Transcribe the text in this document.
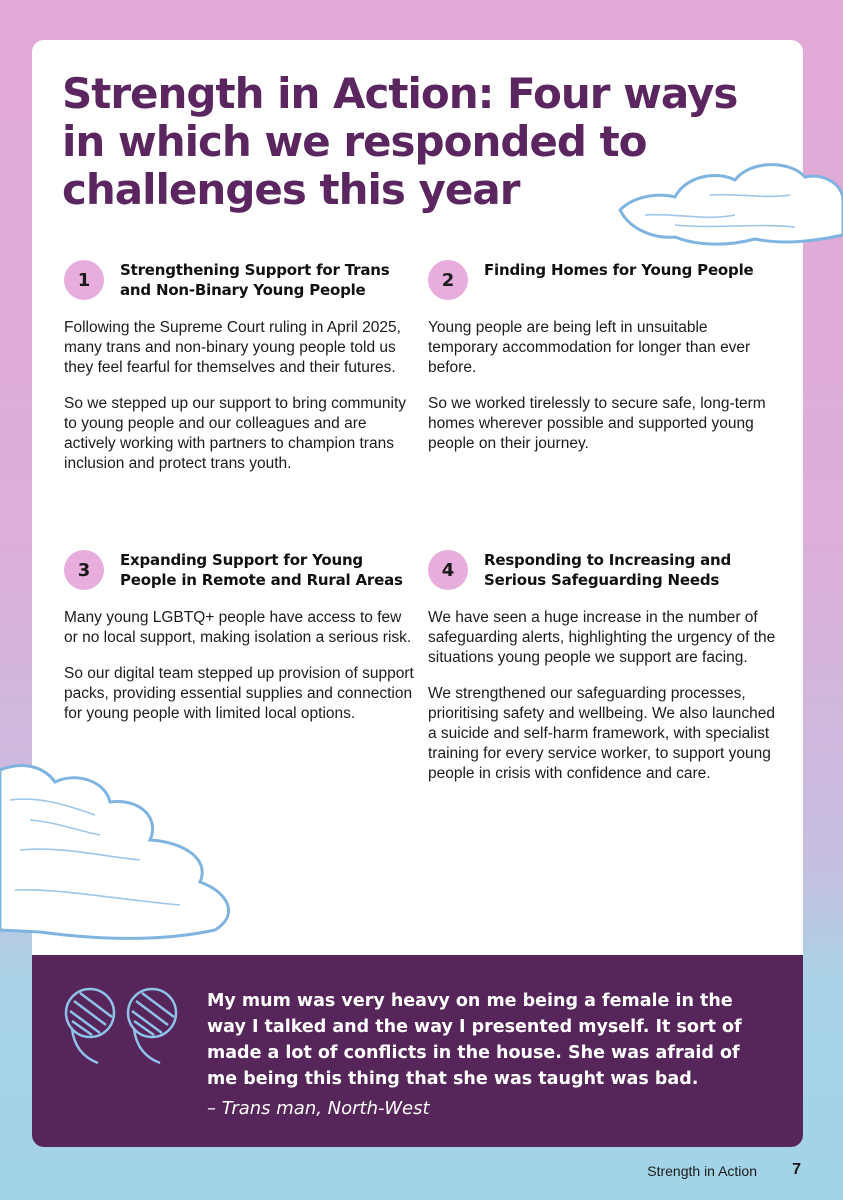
Strength in Action: Four ways in which we responded to challenges this year
1	Strengthening Support for Trans and Non-Binary Young People

Following the Supreme Court ruling in April 2025, many trans and non-binary young people told us they feel fearful for themselves and their futures.

So we stepped up our support to bring community to young people and our colleagues and are actively working with partners to champion trans inclusion and protect trans youth.

2	Finding Homes for Young People

Young people are being left in unsuitable temporary accommodation for longer than ever before.

So we worked tirelessly to secure safe, long-term homes wherever possible and supported young people on their journey.

3	Expanding Support for Young People in Remote and Rural Areas

Many young LGBTQ+ people have access to few or no local support, making isolation a serious risk.

So our digital team stepped up provision of support packs, providing essential supplies and connection for young people with limited local options.

4	Responding to Increasing and Serious Safeguarding Needs

We have seen a huge increase in the number of safeguarding alerts, highlighting the urgency of the situations young people we support are facing.

We strengthened our safeguarding processes, prioritising safety and wellbeing. We also launched a suicide and self-harm framework, with specialist training for every service worker, to support young people in crisis with confidence and care.

My mum was very heavy on me being a female in the way I talked and the way I presented myself. It sort of made a lot of conflicts in the house. She was afraid of me being this thing that she was taught was bad.

– Trans man, North-West

Strength in Action 7
